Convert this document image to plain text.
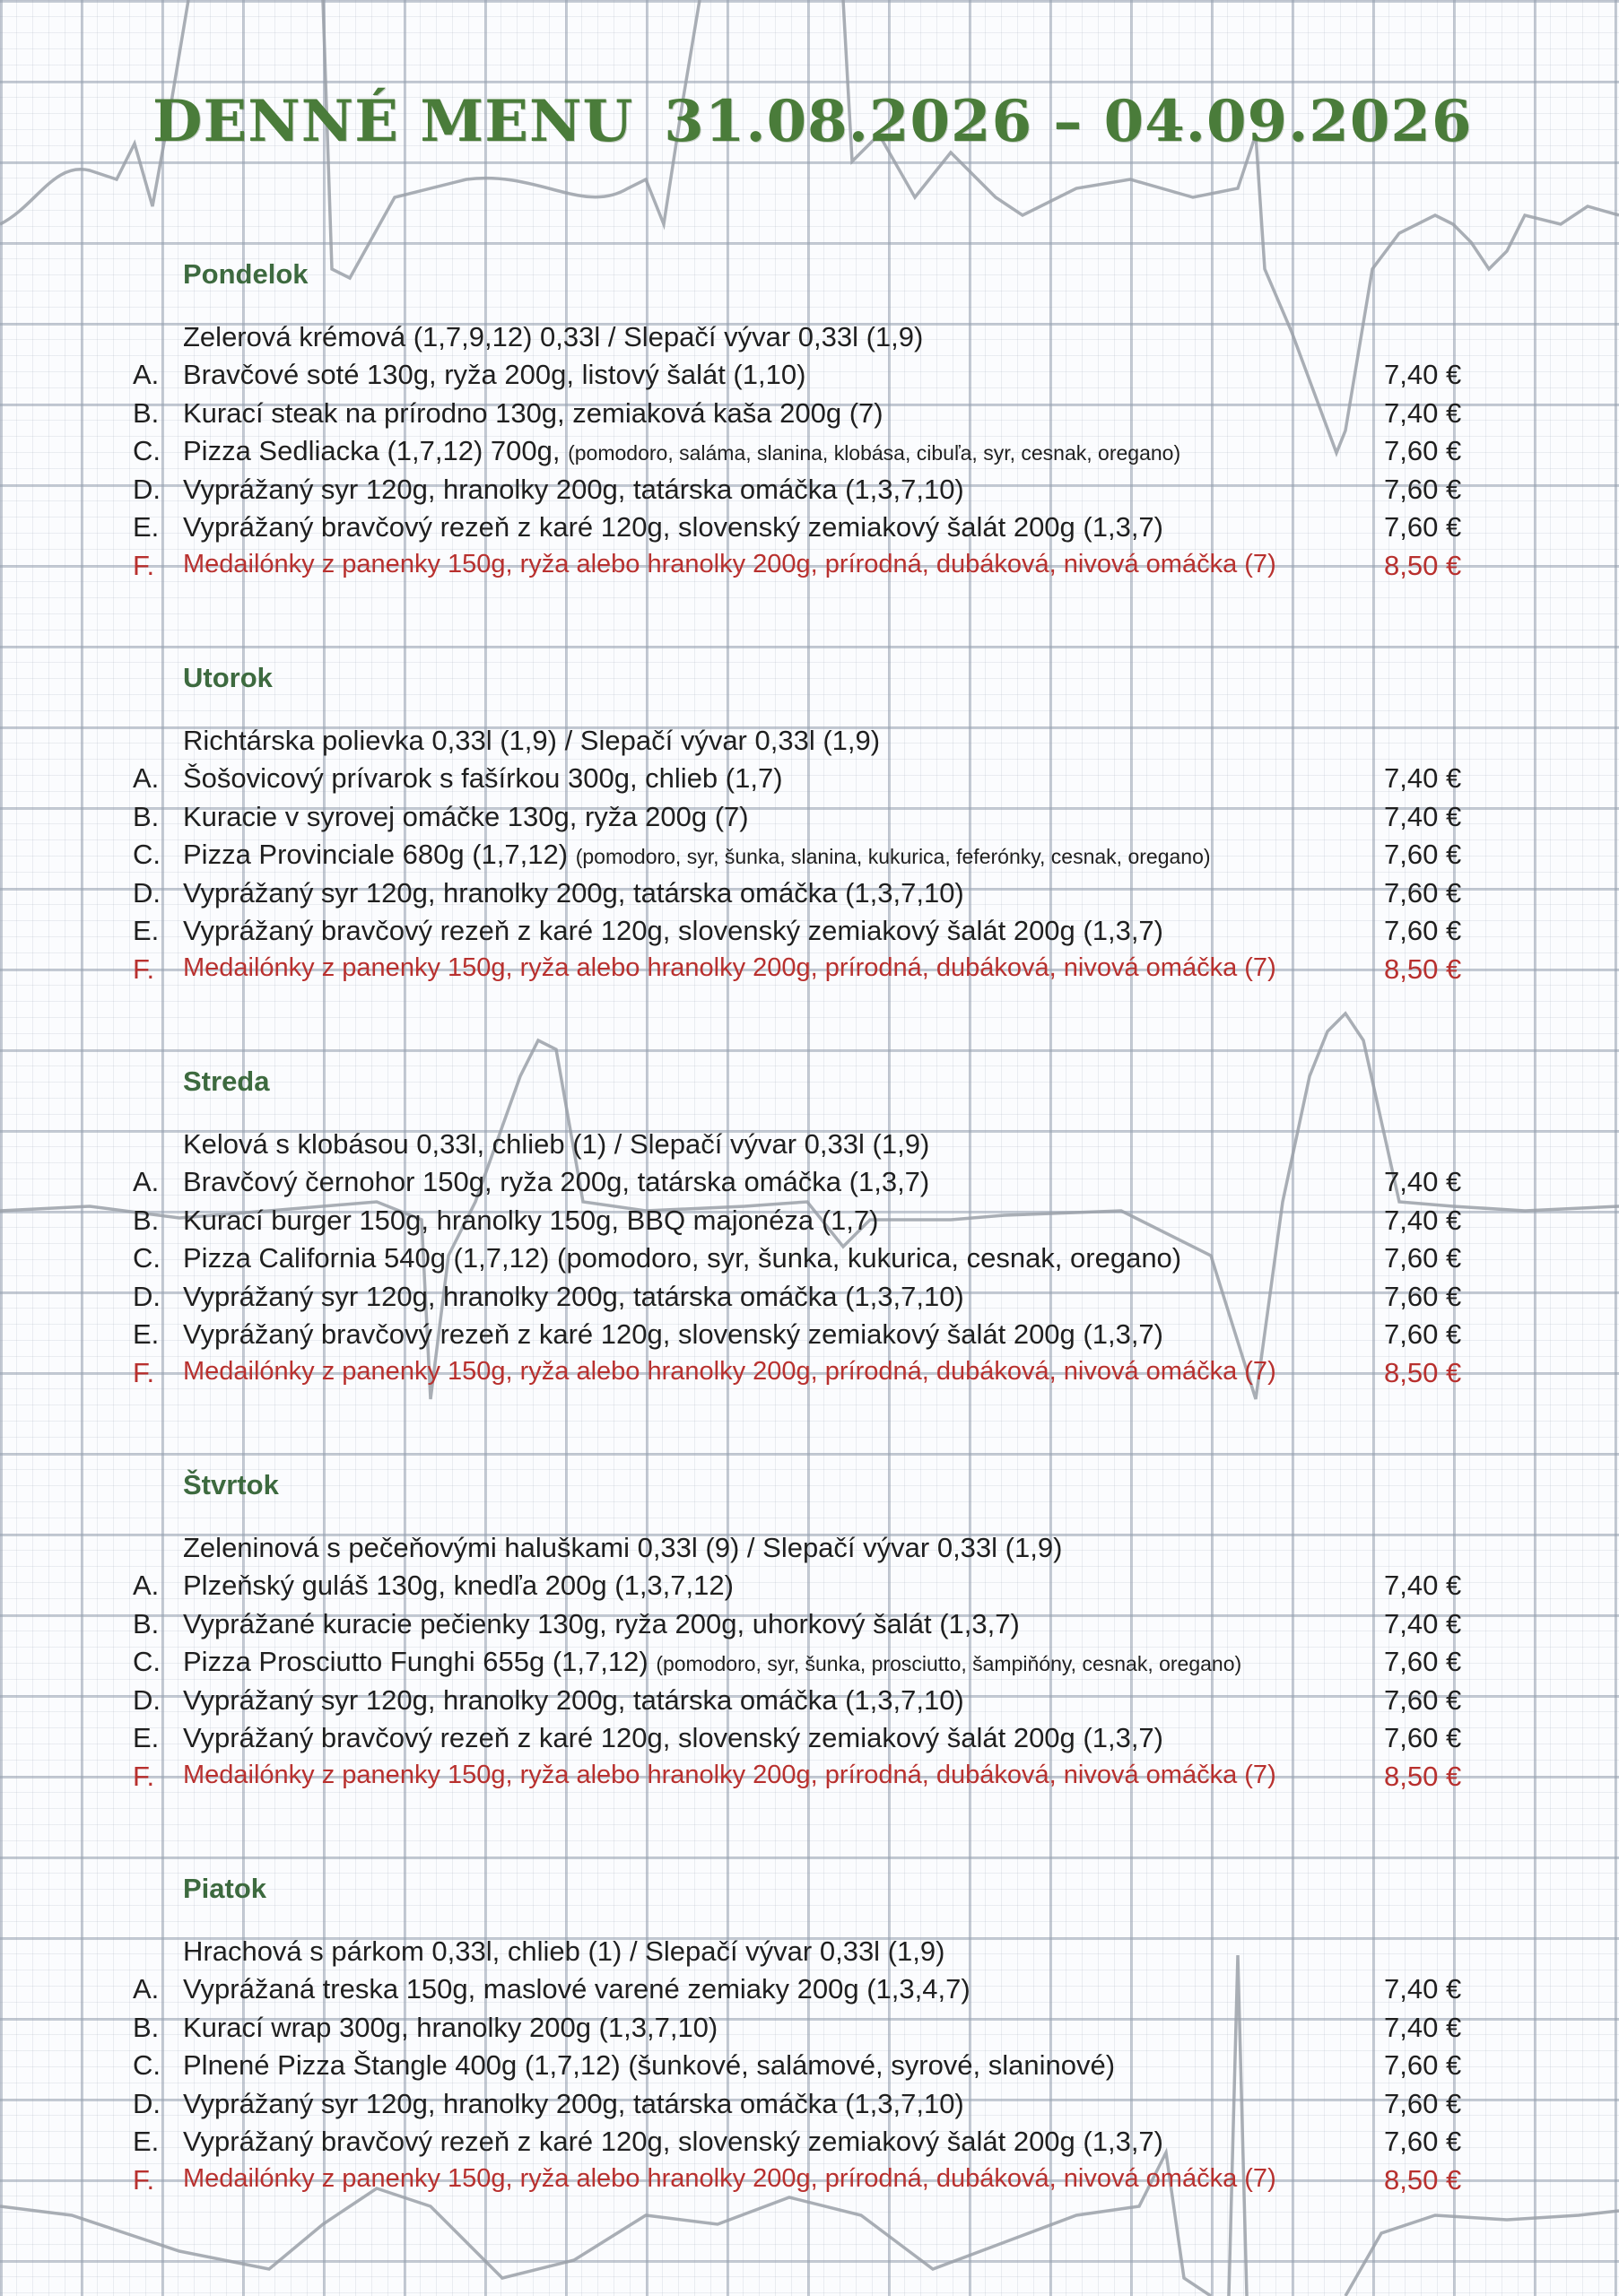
DENNÉ MENU 31.08.2026 – 04.09.2026
Pondelok
Zelerová krémová (1,7,9,12) 0,33l / Slepačí vývar 0,33l (1,9)
A. Bravčové soté 130g, ryža 200g, listový šalát (1,10)	7,40 €
B. Kurací steak na prírodno 130g, zemiaková kaša 200g (7)	7,40 €
C. Pizza Sedliacka (1,7,12) 700g, (pomodoro, saláma, slanina, klobása, cibuľa, syr, cesnak, oregano)	7,60 €
D. Vyprážaný syr 120g, hranolky 200g, tatárska omáčka (1,3,7,10)	7,60 €
E. Vyprážaný bravčový rezeň z karé 120g, slovenský zemiakový šalát 200g (1,3,7)	7,60 €
F. Medailónky z panenky 150g, ryža alebo hranolky 200g, prírodná, dubáková, nivová omáčka (7)	8,50 €
Utorok
Richtárska polievka 0,33l (1,9) / Slepačí vývar 0,33l (1,9)
A. Šošovicový prívarok s fašírkou 300g, chlieb (1,7)	7,40 €
B. Kuracie v syrovej omáčke 130g, ryža 200g (7)	7,40 €
C. Pizza Provinciale 680g (1,7,12) (pomodoro, syr, šunka, slanina, kukurica, feferónky, cesnak, oregano)	7,60 €
D. Vyprážaný syr 120g, hranolky 200g, tatárska omáčka (1,3,7,10)	7,60 €
E. Vyprážaný bravčový rezeň z karé 120g, slovenský zemiakový šalát 200g (1,3,7)	7,60 €
F. Medailónky z panenky 150g, ryža alebo hranolky 200g, prírodná, dubáková, nivová omáčka (7)	8,50 €
Streda
Kelová s klobásou 0,33l, chlieb (1) / Slepačí vývar 0,33l (1,9)
A. Bravčový černohor 150g, ryža 200g, tatárska omáčka (1,3,7)	7,40 €
B. Kurací burger 150g, hranolky 150g, BBQ majonéza (1,7)	7,40 €
C. Pizza California 540g (1,7,12) (pomodoro, syr, šunka, kukurica, cesnak, oregano)	7,60 €
D. Vyprážaný syr 120g, hranolky 200g, tatárska omáčka (1,3,7,10)	7,60 €
E. Vyprážaný bravčový rezeň z karé 120g, slovenský zemiakový šalát 200g (1,3,7)	7,60 €
F. Medailónky z panenky 150g, ryža alebo hranolky 200g, prírodná, dubáková, nivová omáčka (7)	8,50 €
Štvrtok
Zeleninová s pečeňovými haluškami 0,33l (9) / Slepačí vývar 0,33l (1,9)
A. Plzeňský guláš 130g, knedľa 200g (1,3,7,12)	7,40 €
B. Vyprážané kuracie pečienky 130g, ryža 200g, uhorkový šalát (1,3,7)	7,40 €
C. Pizza Prosciutto Funghi 655g (1,7,12) (pomodoro, syr, šunka, prosciutto, šampiňóny, cesnak, oregano)	7,60 €
D. Vyprážaný syr 120g, hranolky 200g, tatárska omáčka (1,3,7,10)	7,60 €
E. Vyprážaný bravčový rezeň z karé 120g, slovenský zemiakový šalát 200g (1,3,7)	7,60 €
F. Medailónky z panenky 150g, ryža alebo hranolky 200g, prírodná, dubáková, nivová omáčka (7)	8,50 €
Piatok
Hrachová s párkom 0,33l, chlieb (1) / Slepačí vývar 0,33l (1,9)
A. Vyprážaná treska 150g, maslové varené zemiaky 200g (1,3,4,7)	7,40 €
B. Kurací wrap 300g, hranolky 200g (1,3,7,10)	7,40 €
C. Plnené Pizza Štangle 400g (1,7,12) (šunkové, salámové, syrové, slaninové)	7,60 €
D. Vyprážaný syr 120g, hranolky 200g, tatárska omáčka (1,3,7,10)	7,60 €
E. Vyprážaný bravčový rezeň z karé 120g, slovenský zemiakový šalát 200g (1,3,7)	7,60 €
F. Medailónky z panenky 150g, ryža alebo hranolky 200g, prírodná, dubáková, nivová omáčka (7)	8,50 €
